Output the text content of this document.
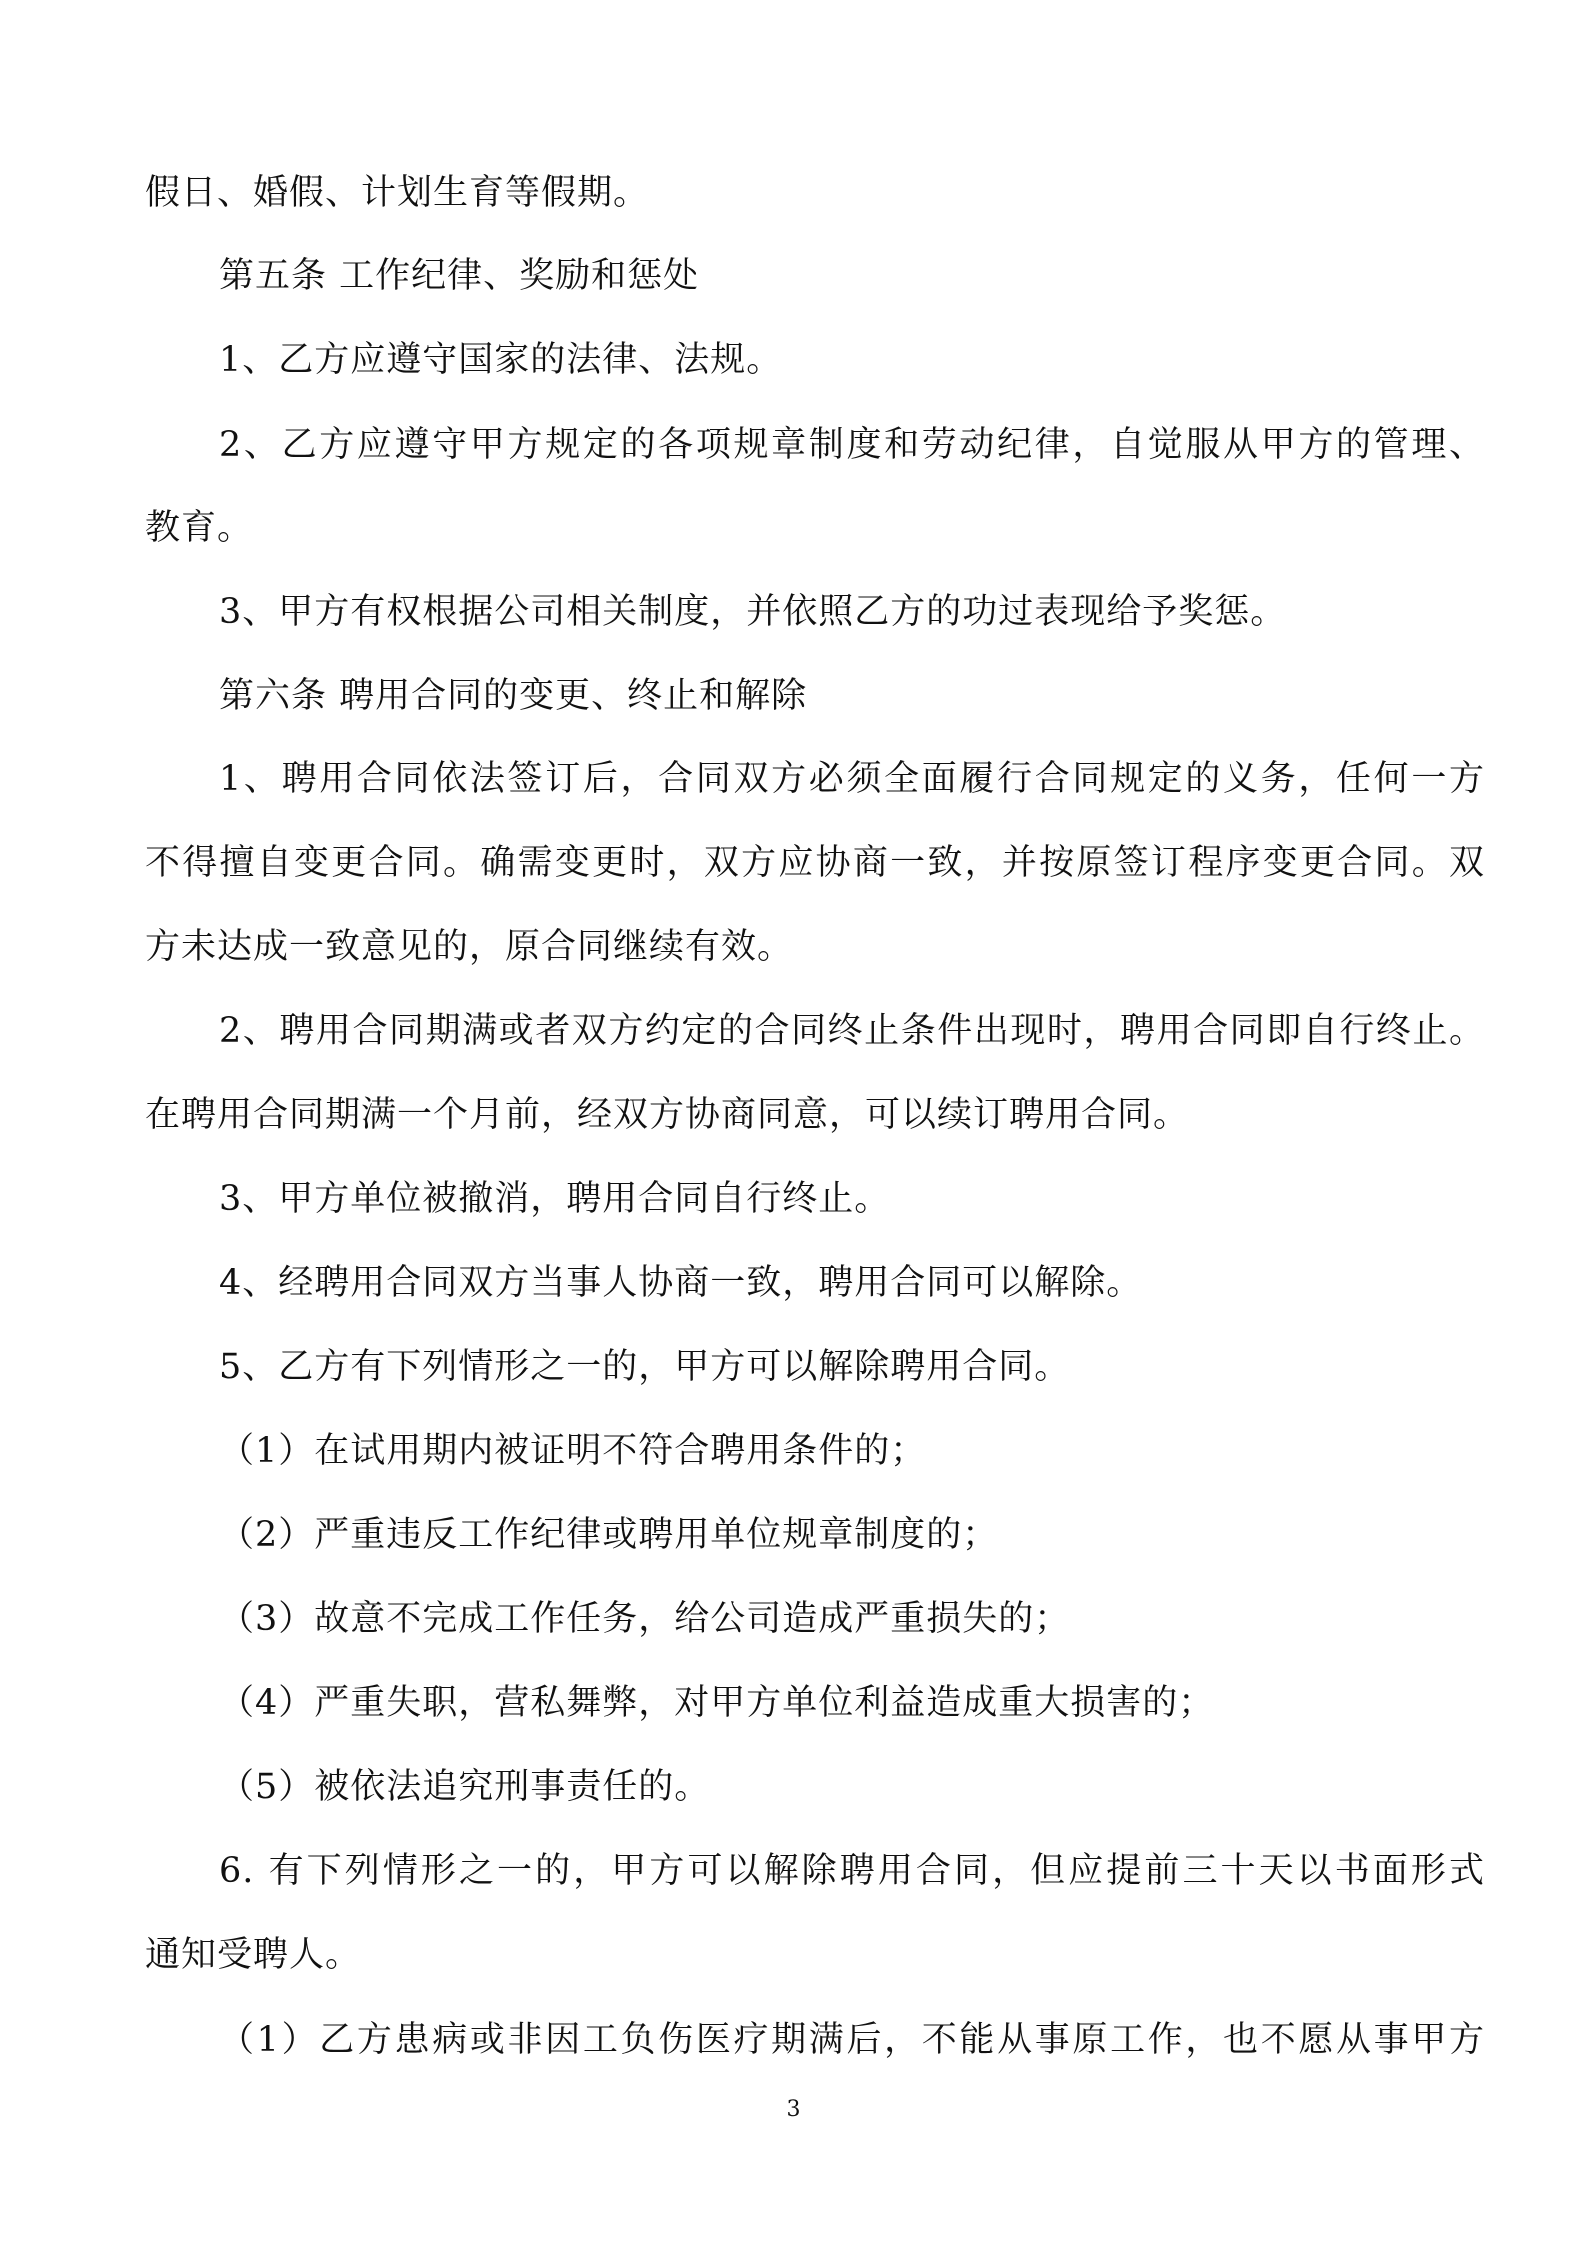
假日、婚假、计划生育等假期。
第五条 工作纪律、奖励和惩处
1、乙方应遵守国家的法律、法规。
2、乙方应遵守甲方规定的各项规章制度和劳动纪律，自觉服从甲方的管理、
教育。
3、甲方有权根据公司相关制度，并依照乙方的功过表现给予奖惩。
第六条 聘用合同的变更、终止和解除
1、聘用合同依法签订后，合同双方必须全面履行合同规定的义务，任何一方
不得擅自变更合同。确需变更时，双方应协商一致，并按原签订程序变更合同。双
方未达成一致意见的，原合同继续有效。
2、聘用合同期满或者双方约定的合同终止条件出现时，聘用合同即自行终止。
在聘用合同期满一个月前，经双方协商同意，可以续订聘用合同。
3、甲方单位被撤消，聘用合同自行终止。
4、经聘用合同双方当事人协商一致，聘用合同可以解除。
5、乙方有下列情形之一的，甲方可以解除聘用合同。
（1）在试用期内被证明不符合聘用条件的；
（2）严重违反工作纪律或聘用单位规章制度的；
（3）故意不完成工作任务，给公司造成严重损失的；
（4）严重失职，营私舞弊，对甲方单位利益造成重大损害的；
（5）被依法追究刑事责任的。
6. 有下列情形之一的，甲方可以解除聘用合同，但应提前三十天以书面形式
通知受聘人。
（1）乙方患病或非因工负伤医疗期满后，不能从事原工作，也不愿从事甲方
3
